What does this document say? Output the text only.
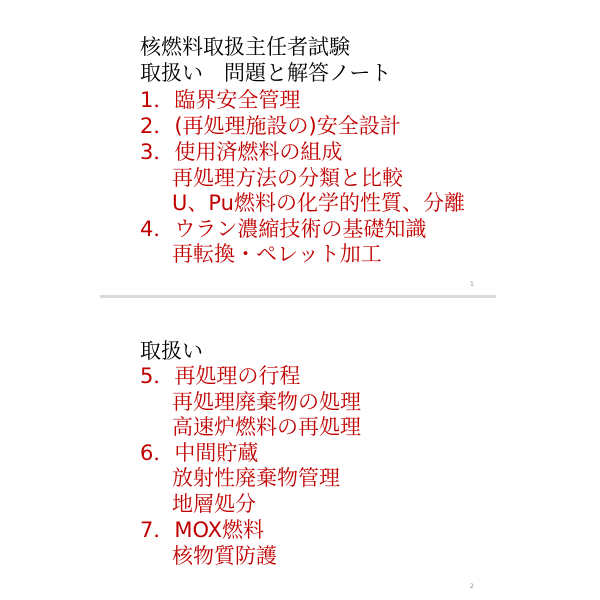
核燃料取扱主任者試験
取扱い　問題と解答ノート
1．臨界安全管理
2．(再処理施設の)安全設計
3．使用済燃料の組成
再処理方法の分類と比較
U、Pu燃料の化学的性質、分離
4．ウラン濃縮技術の基礎知識
再転換・ペレット加工
1
取扱い
5．再処理の行程
再処理廃棄物の処理
高速炉燃料の再処理
6．中間貯蔵
放射性廃棄物管理
地層処分
7．MOX燃料
核物質防護
2
